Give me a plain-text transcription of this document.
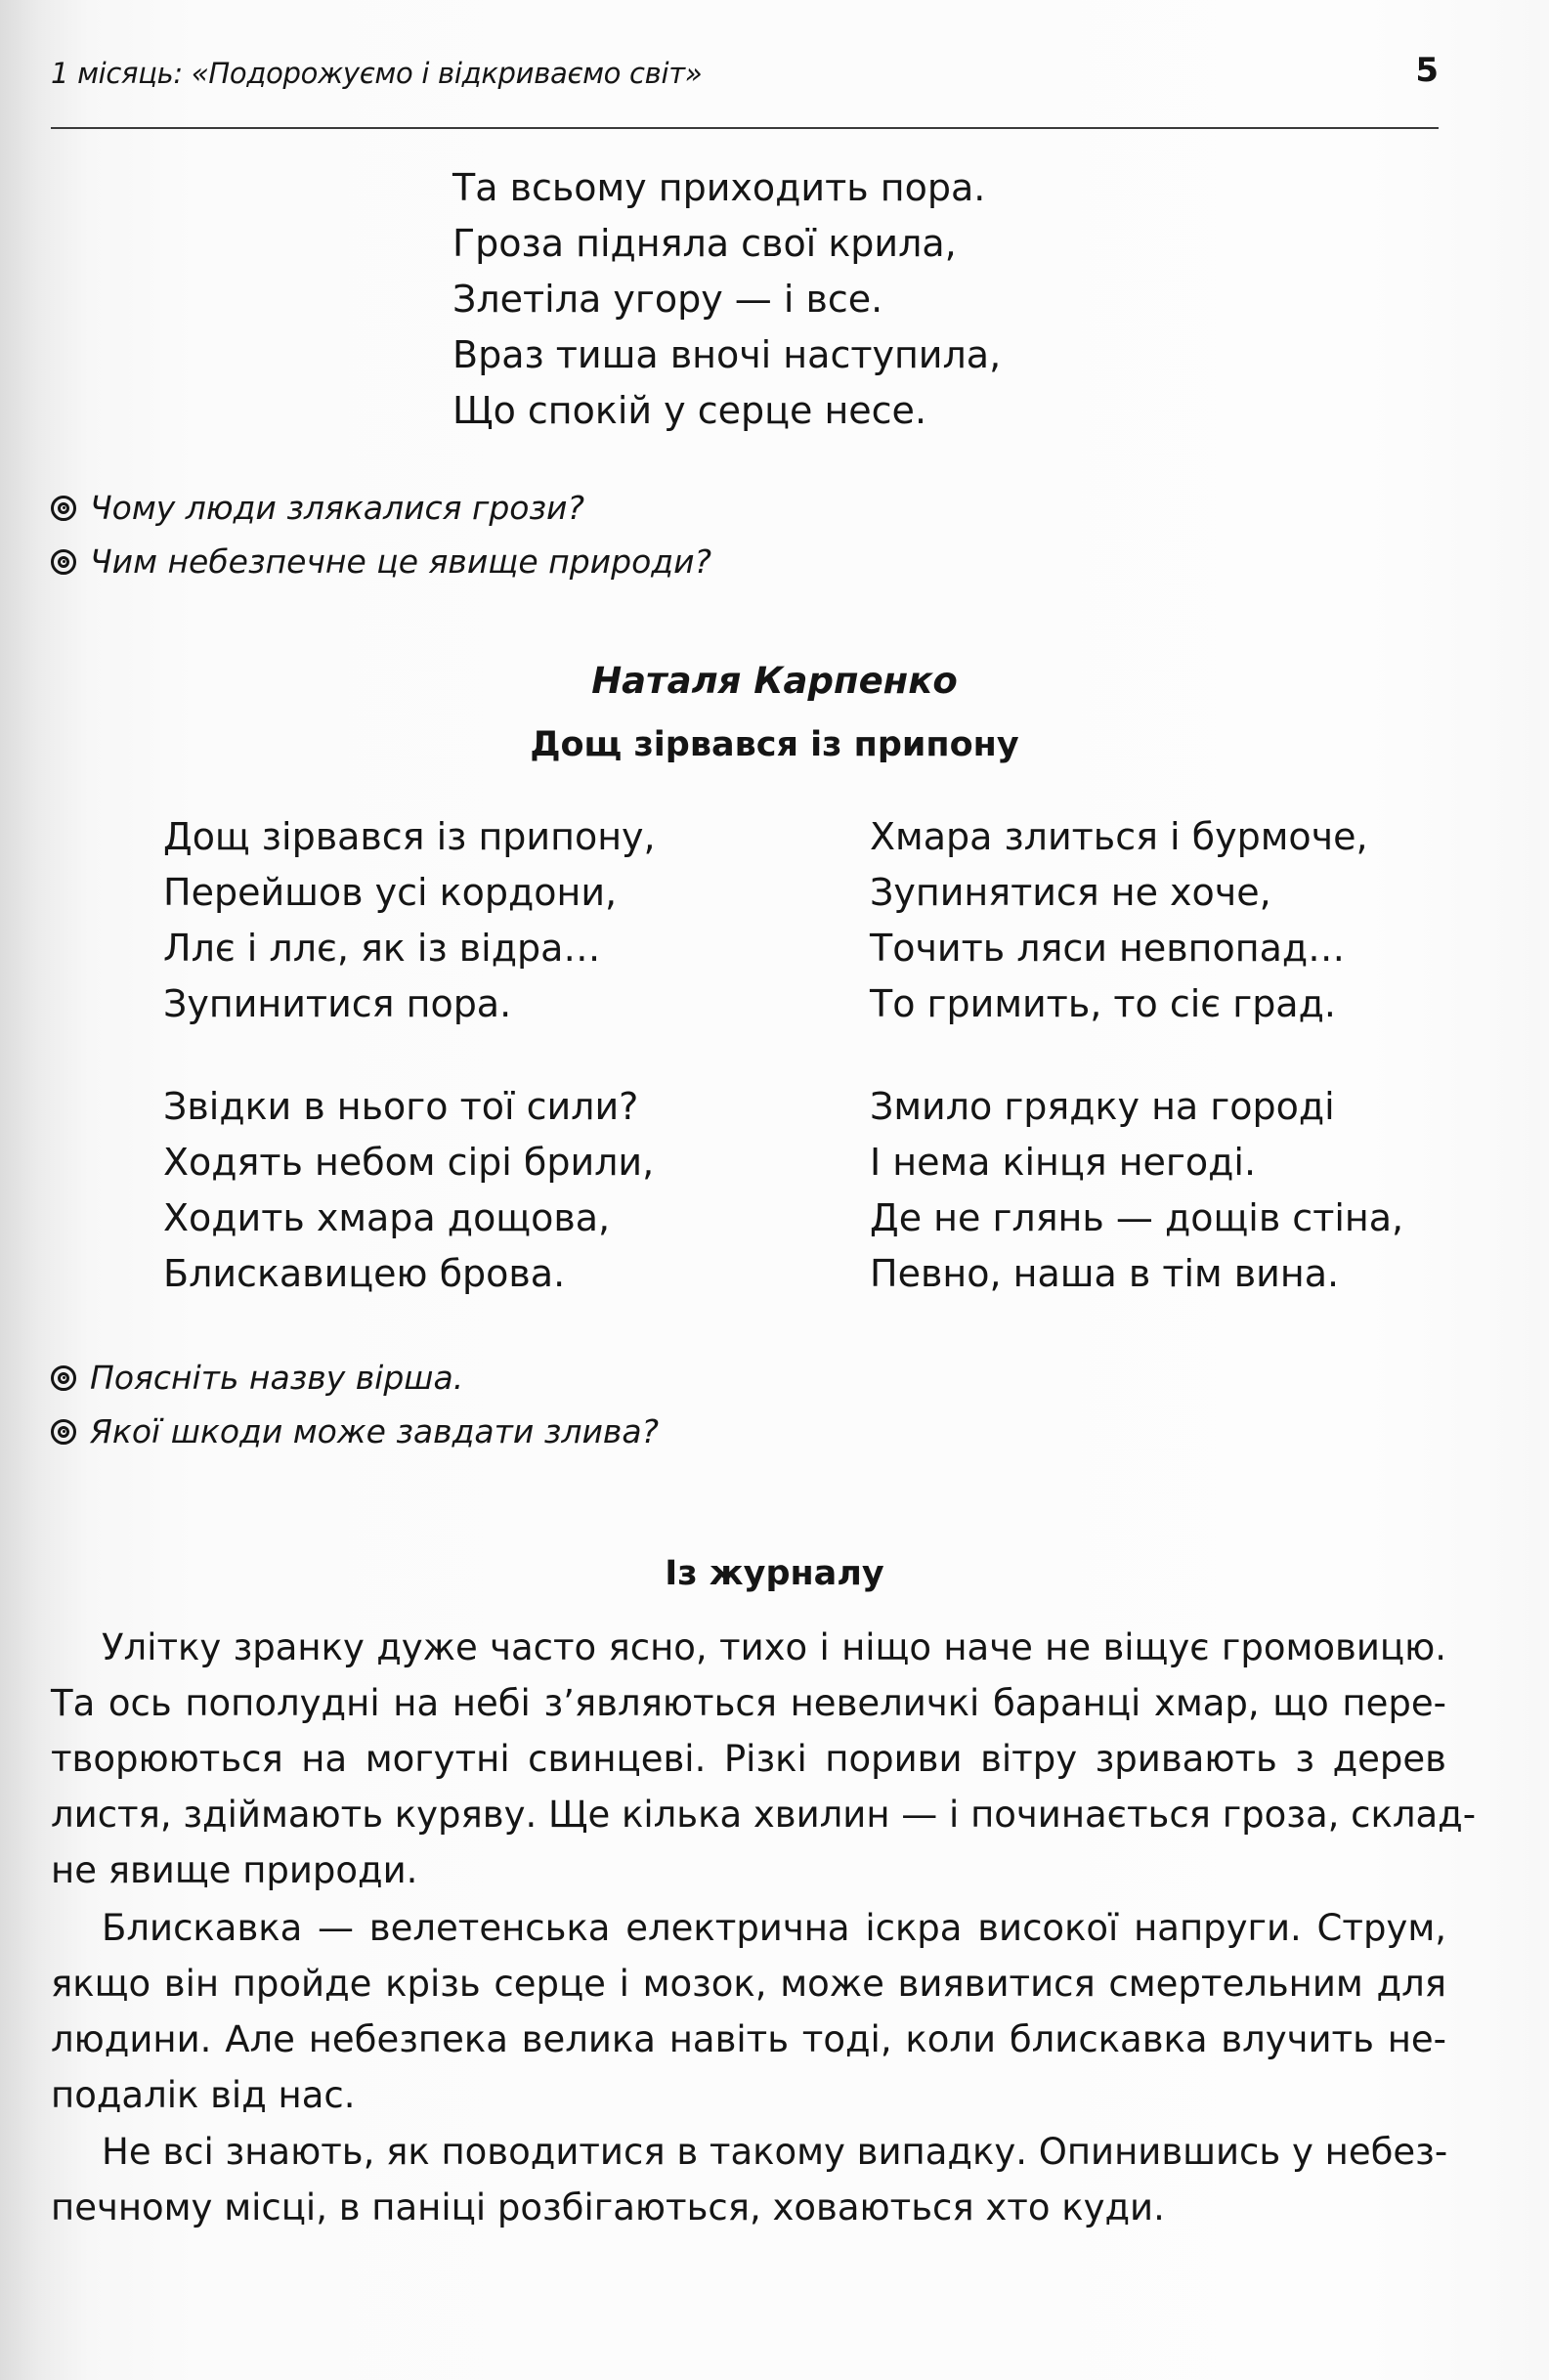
1 місяць: «Подорожуємо і відкриваємо світ»	5
Та всьому приходить пора.
Гроза підняла свої крила,
Злетіла угору — і все.
Враз тиша вночі наступила,
Що спокій у серце несе.
Чому люди злякалися грози?
Чим небезпечне це явище природи?
Наталя Карпенко
Дощ зірвався із припону
Дощ зірвався із припону,
Перейшов усі кордони,
Ллє і ллє, як із відра…
Зупинитися пора.
Звідки в нього тої сили?
Ходять небом сірі брили,
Ходить хмара дощова,
Блискавицею брова.
Хмара злиться і бурмоче,
Зупинятися не хоче,
Точить ляси невпопад…
То гримить, то сіє град.
Змило грядку на городі
І нема кінця негоді.
Де не глянь — дощів стіна,
Певно, наша в тім вина.
Поясніть назву вірша.
Якої шкоди може завдати злива?
Із журналу
Улітку зранку дуже часто ясно, тихо і ніщо наче не віщує громовицю.
Та ось пополудні на небі з’являються невеличкі баранці хмар, що пере-
творюються на могутні свинцеві. Різкі пориви вітру зривають з дерев
листя, здіймають куряву. Ще кілька хвилин — і починається гроза, склад-
не явище природи.
Блискавка — велетенська електрична іскра високої напруги. Струм,
якщо він пройде крізь серце і мозок, може виявитися смертельним для
людини. Але небезпека велика навіть тоді, коли блискавка влучить не-
подалік від нас.
Не всі знають, як поводитися в такому випадку. Опинившись у небез-
печному місці, в паніці розбігаються, ховаються хто куди.
